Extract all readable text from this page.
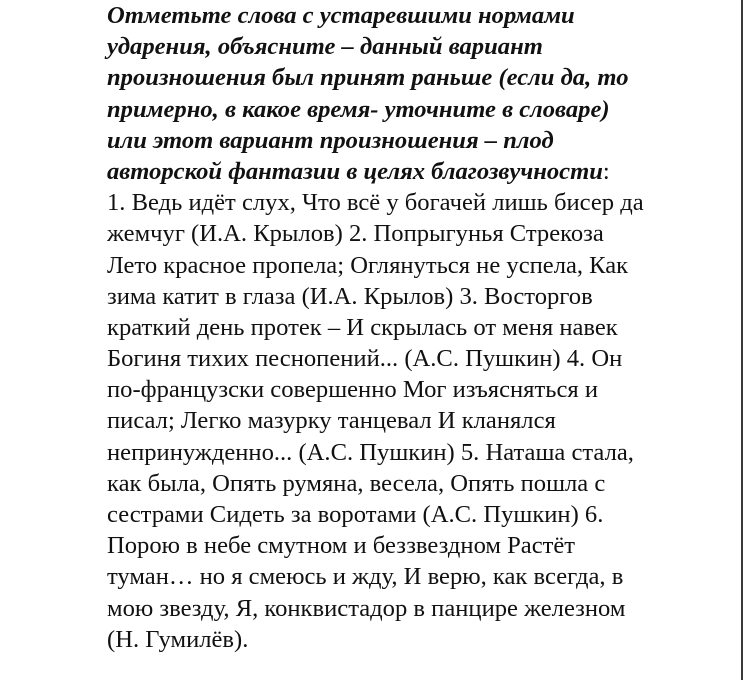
Отметьте слова с устаревшими нормами
ударения, объясните – данный вариант
произношения был принят раньше (если да, то
примерно, в какое время- уточните в словаре)
или этот вариант произношения – плод
авторской фантазии в целях благозвучности:
1. Ведь идёт слух, Что всё у богачей лишь бисер да
жемчуг (И.А. Крылов) 2. Попрыгунья Стрекоза
Лето красное пропела; Оглянуться не успела, Как
зима катит в глаза (И.А. Крылов) 3. Восторгов
краткий день протек – И скрылась от меня навек
Богиня тихих песнопений... (А.С. Пушкин) 4. Он
по-французски совершенно Мог изъясняться и
писал; Легко мазурку танцевал И кланялся
непринужденно... (А.С. Пушкин) 5. Наташа стала,
как была, Опять румяна, весела, Опять пошла с
сестрами Сидеть за воротами (А.С. Пушкин) 6.
Порою в небе смутном и беззвездном Растёт
туман… но я смеюсь и жду, И верю, как всегда, в
мою звезду, Я, конквистадор в панцире железном
(Н. Гумилёв).
